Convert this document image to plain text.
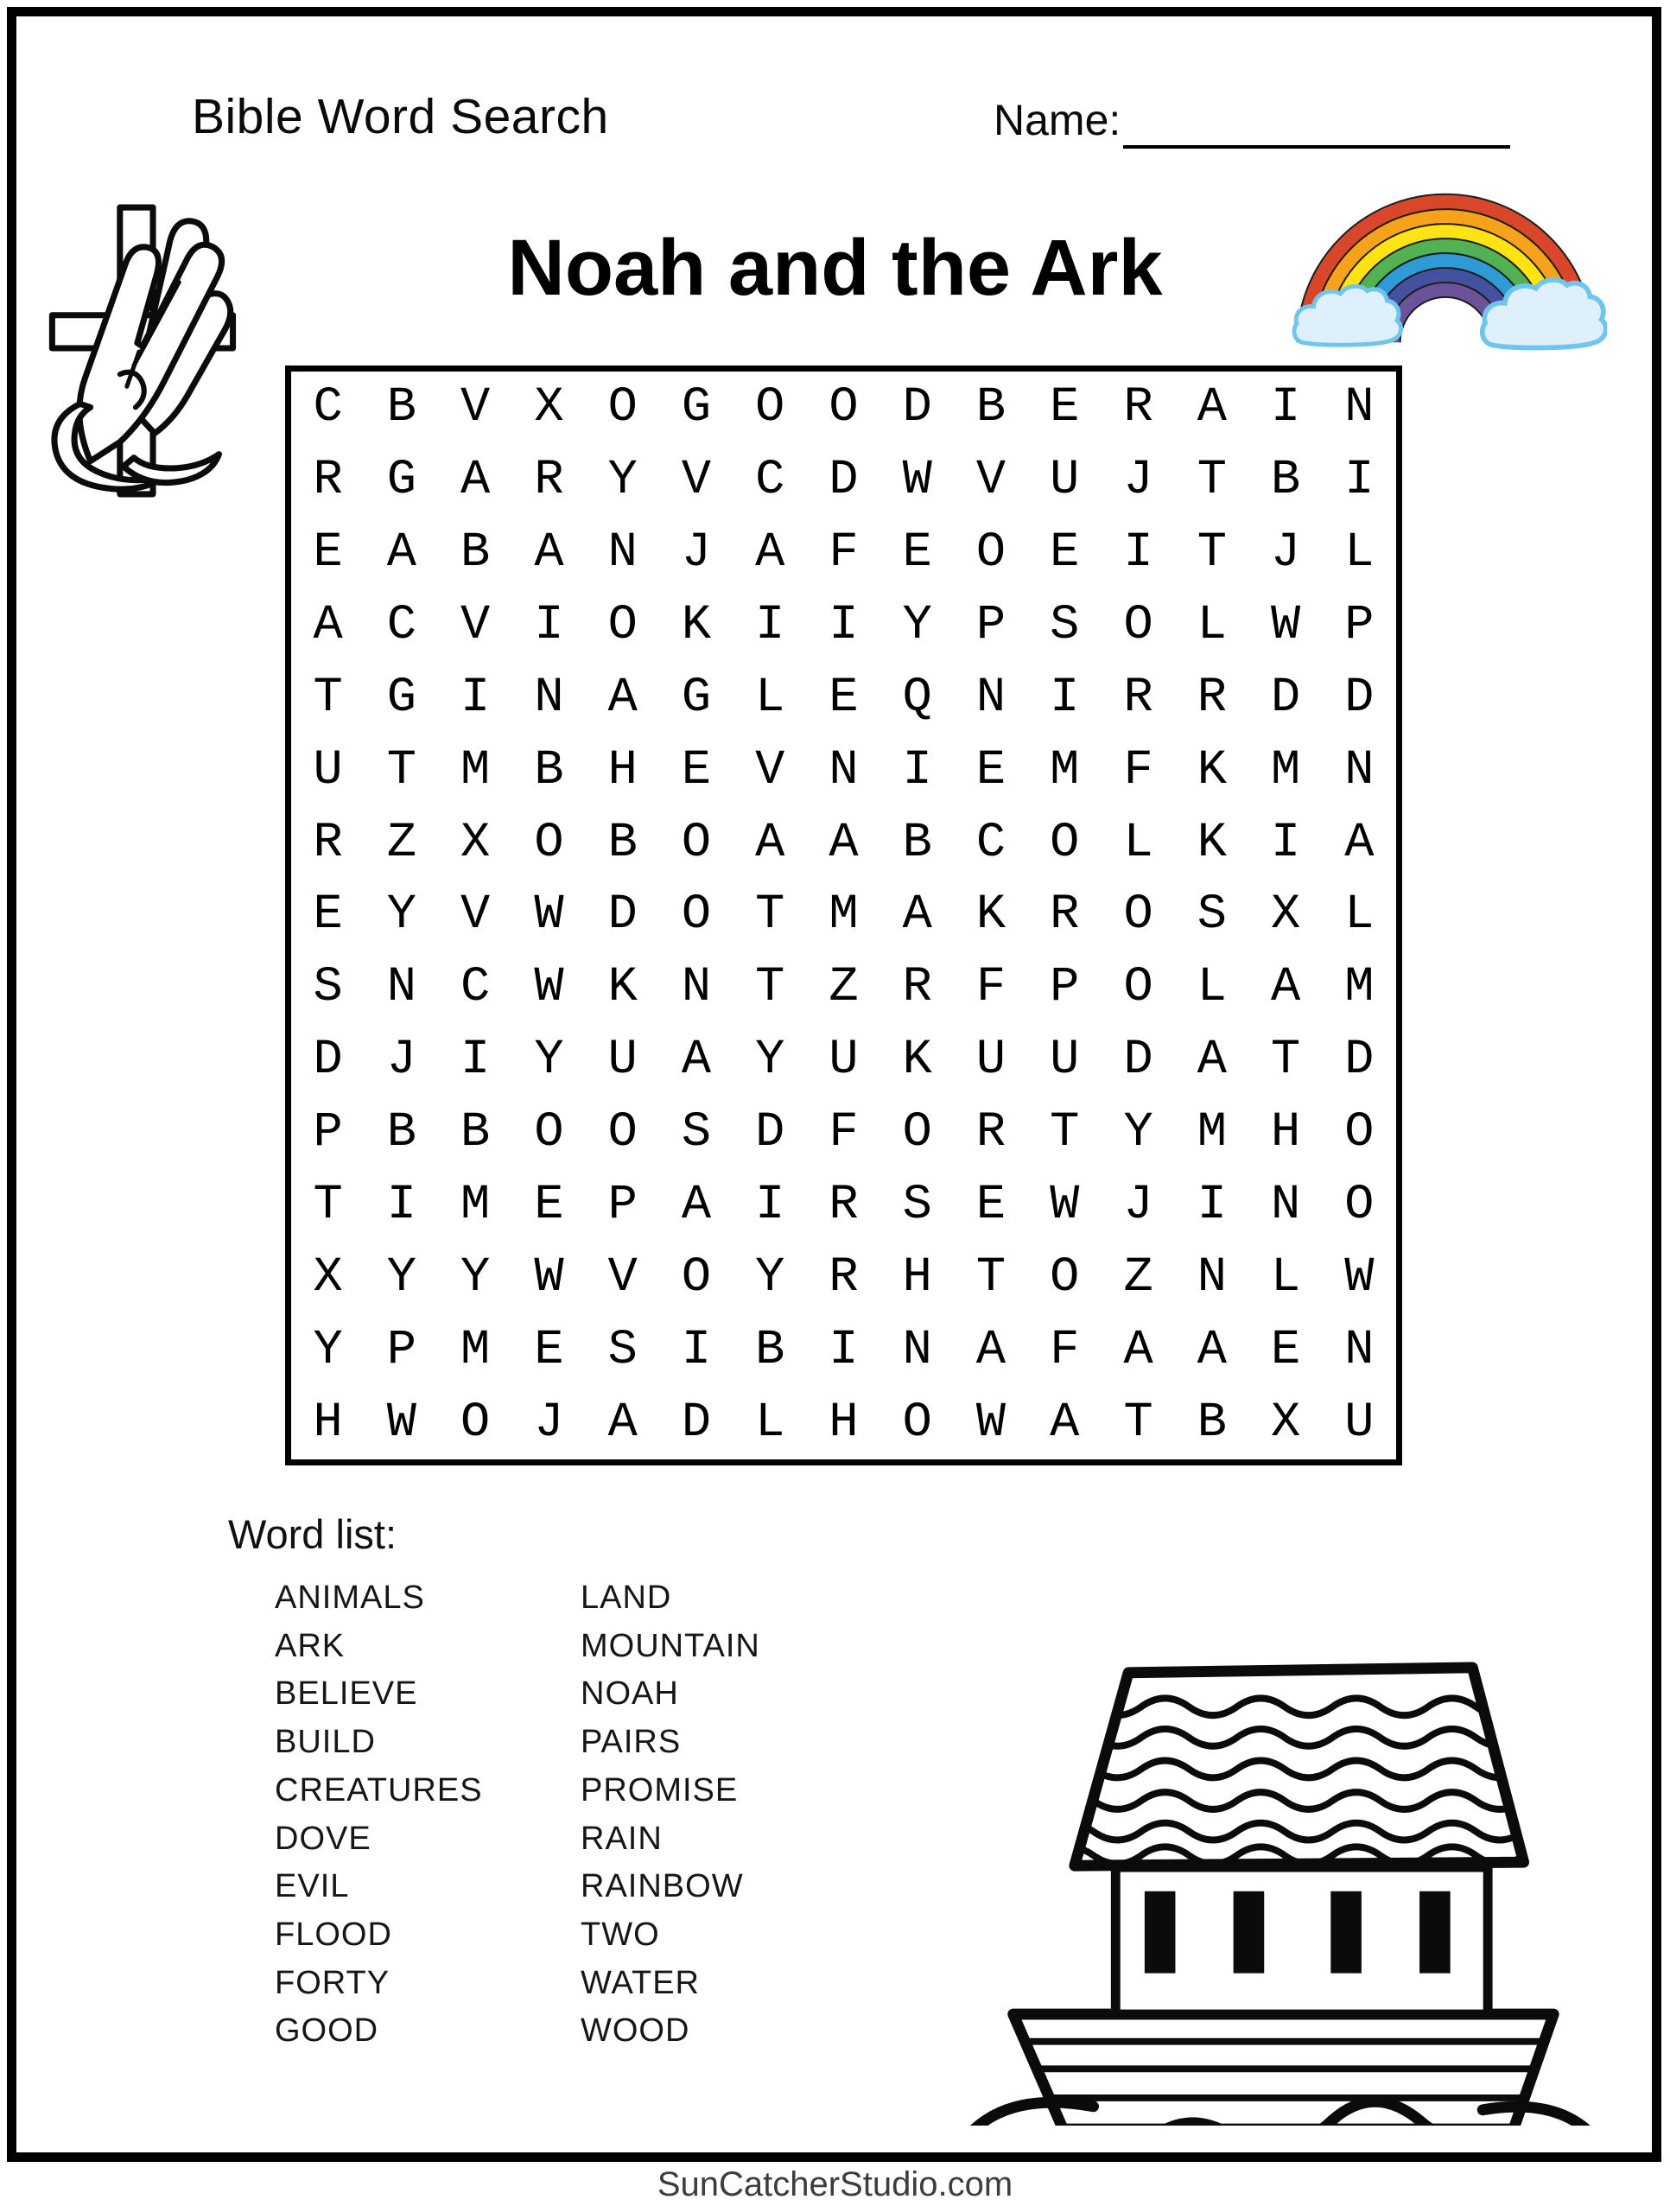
Bible Word Search	Name:
Noah and the Ark
C B V X O G O O D B E R A I N
R G A R Y V C D W V U J T B I
E A B A N J A F E O E I T J L
A C V I O K I I Y P S O L W P
T G I N A G L E Q N I R R D D
U T M B H E V N I E M F K M N
R Z X O B O A A B C O L K I A
E Y V W D O T M A K R O S X L
S N C W K N T Z R F P O L A M
D J I Y U A Y U K U U D A T D
P B B O O S D F O R T Y M H O
T I M E P A I R S E W J I N O
X Y Y W V O Y R H T O Z N L W
Y P M E S I B I N A F A A E N
H W O J A D L H O W A T B X U
Word list:
ANIMALS
ARK
BELIEVE
BUILD
CREATURES
DOVE
EVIL
FLOOD
FORTY
GOOD
LAND
MOUNTAIN
NOAH
PAIRS
PROMISE
RAIN
RAINBOW
TWO
WATER
WOOD
SunCatcherStudio.com
